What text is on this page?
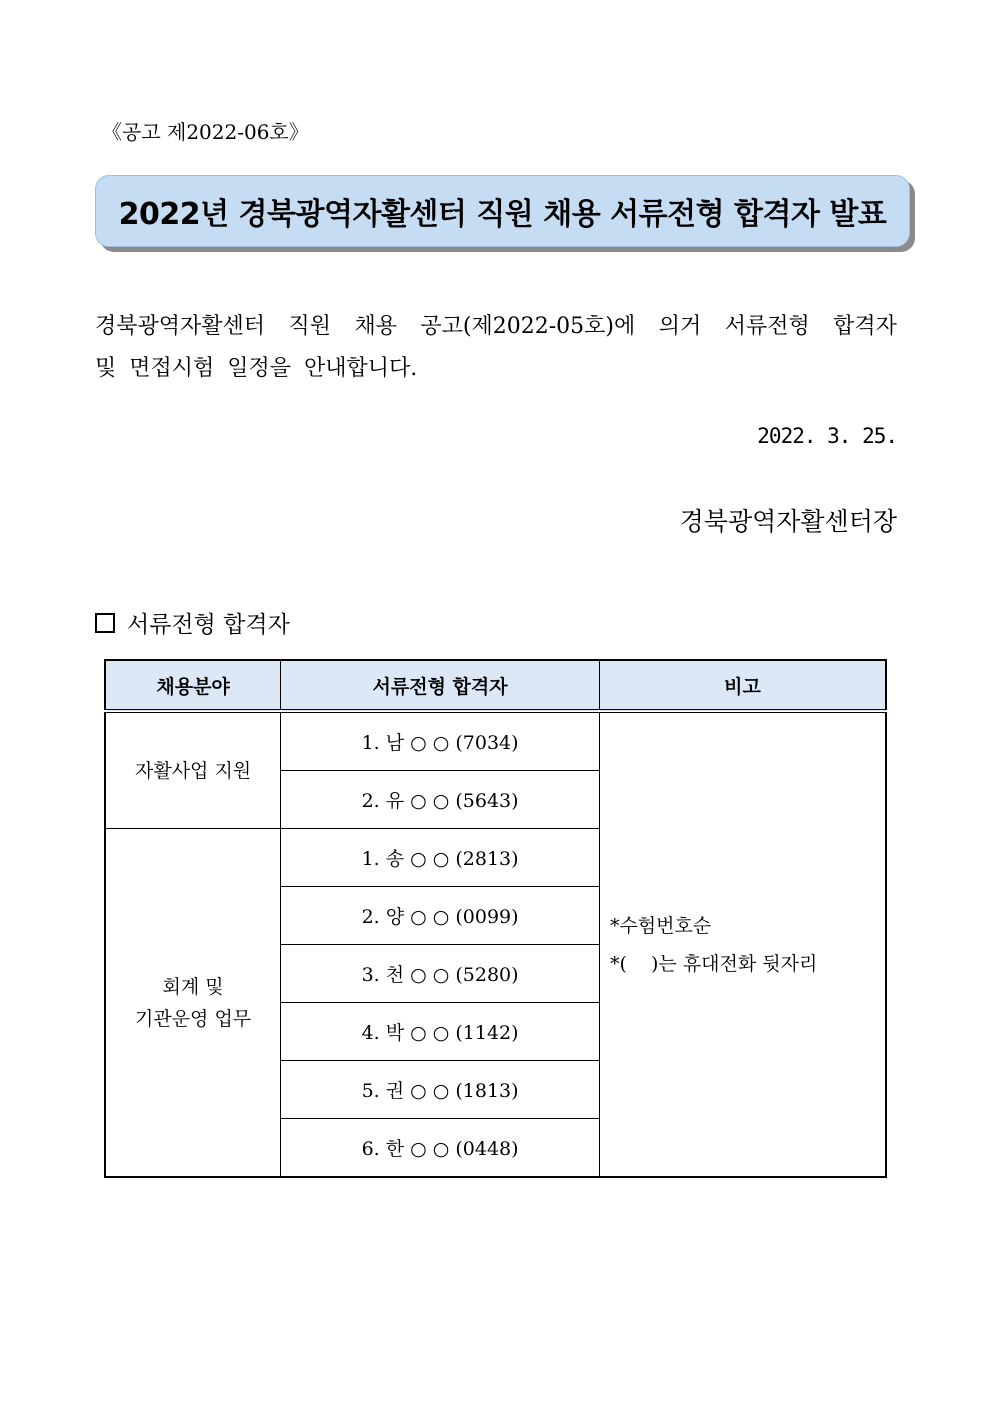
《공고 제2022-06호》
2022년 경북광역자활센터 직원 채용 서류전형 합격자 발표
경북광역자활센터 직원 채용 공고(제2022-05호)에 의거 서류전형 합격자
및 면접시험 일정을 안내합니다.
2022. 3. 25.
경북광역자활센터장
서류전형 합격자
채용분야	서류전형 합격자	비고
자활사업 지원	1. 남 ○ ○ (7034)	*수험번호순
*(    )는 휴대전화 뒷자리

	2. 유 ○ ○ (5643)	

회계 및
기관운영 업무	1. 송 ○ ○ (2813)	
	2. 양 ○ ○ (0099)	
	3. 천 ○ ○ (5280)	
	4. 박 ○ ○ (1142)	
	5. 권 ○ ○ (1813)	
	6. 한 ○ ○ (0448)	
